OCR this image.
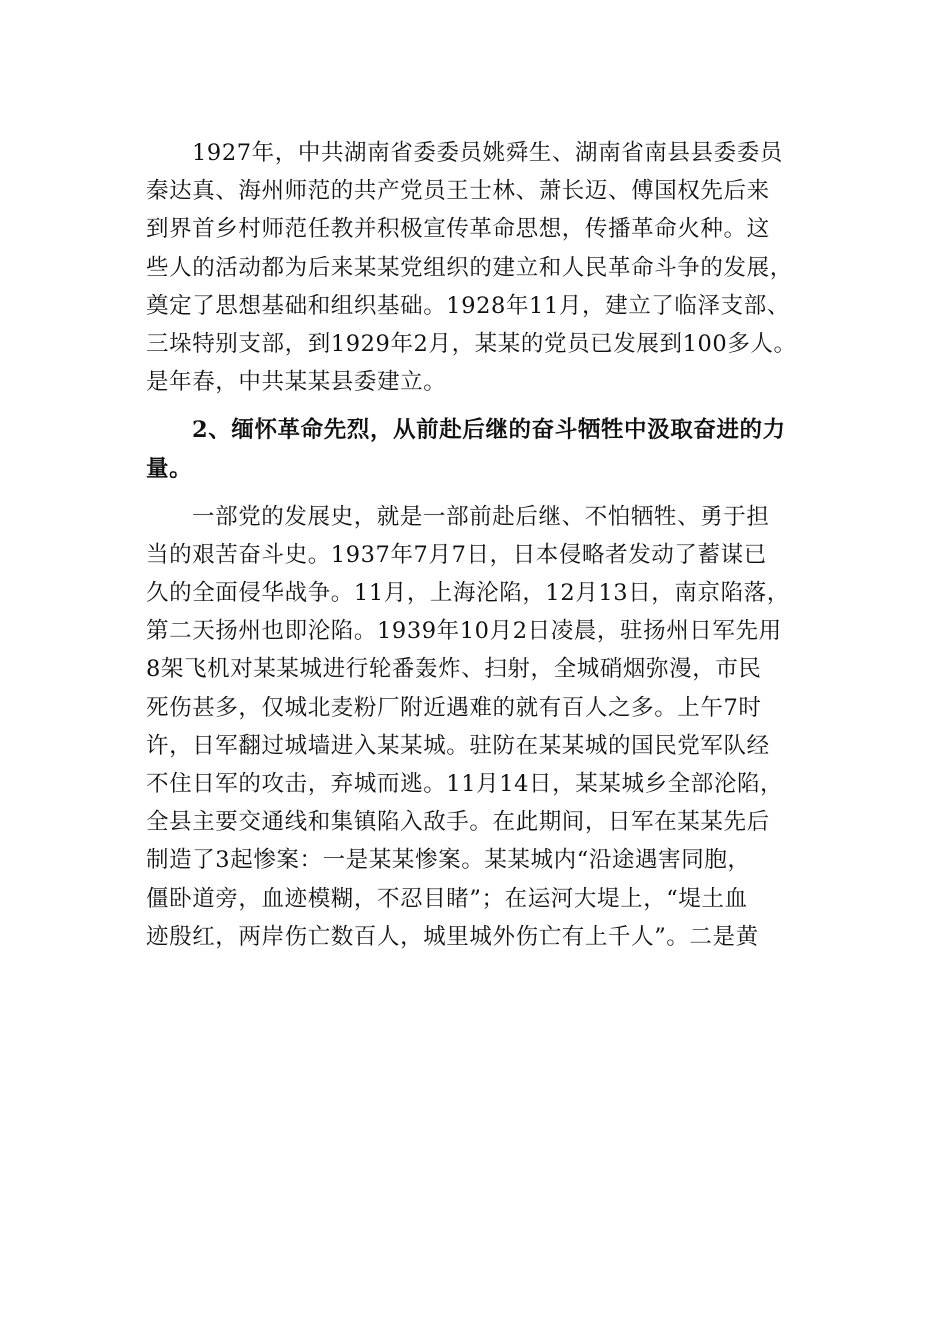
1927年，中共湖南省委委员姚舜生、湖南省南县县委委员
秦达真、海州师范的共产党员王士林、萧长迈、傅国权先后来
到界首乡村师范任教并积极宣传革命思想，传播革命火种。这
些人的活动都为后来某某党组织的建立和人民革命斗争的发展，
奠定了思想基础和组织基础。1928年11月，建立了临泽支部、
三垛特别支部，到1929年2月，某某的党员已发展到100多人。
是年春，中共某某县委建立。
2、缅怀革命先烈，从前赴后继的奋斗牺牲中汲取奋进的力
量。
一部党的发展史，就是一部前赴后继、不怕牺牲、勇于担
当的艰苦奋斗史。1937年7月7日，日本侵略者发动了蓄谋已
久的全面侵华战争。11月，上海沦陷，12月13日，南京陷落，
第二天扬州也即沦陷。1939年10月2日凌晨，驻扬州日军先用
8架飞机对某某城进行轮番轰炸、扫射，全城硝烟弥漫，市民
死伤甚多，仅城北麦粉厂附近遇难的就有百人之多。上午7时
许，日军翻过城墙进入某某城。驻防在某某城的国民党军队经
不住日军的攻击，弃城而逃。11月14日，某某城乡全部沦陷，
全县主要交通线和集镇陷入敌手。在此期间，日军在某某先后
制造了3起惨案：一是某某惨案。某某城内“沿途遇害同胞，
僵卧道旁，血迹模糊，不忍目睹”；在运河大堤上，“堤土血
迹殷红，两岸伤亡数百人，城里城外伤亡有上千人”。二是黄
